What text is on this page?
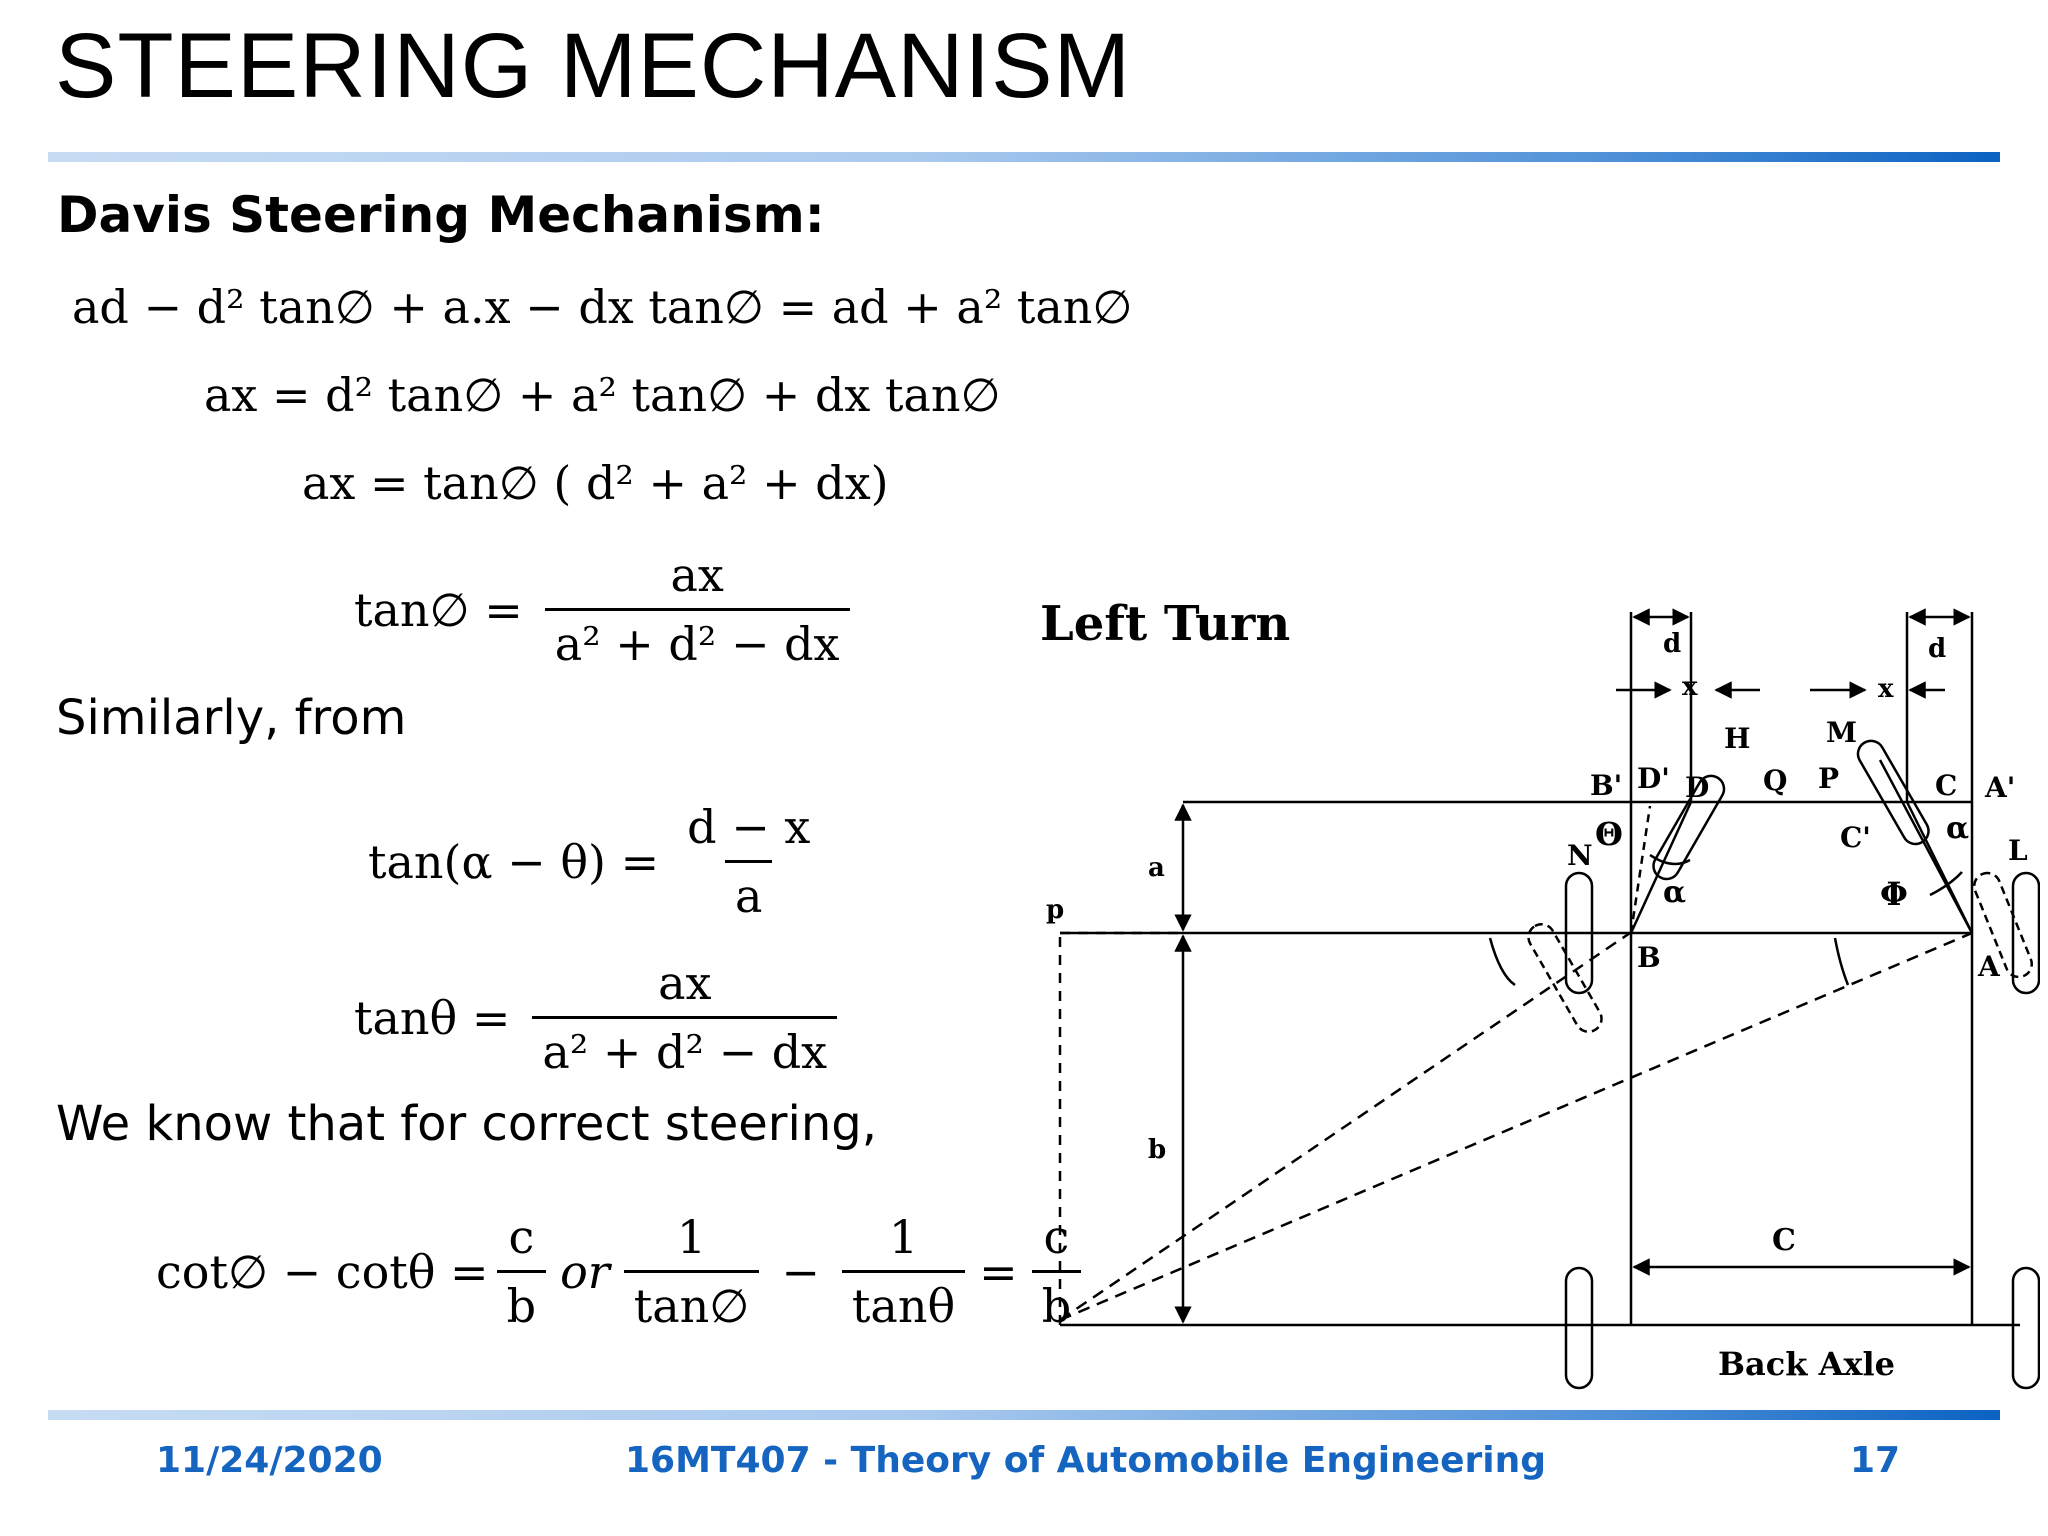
STEERING MECHANISM
Davis Steering Mechanism:
ad − d² tan∅ + a.x − dx tan∅ = ad + a² tan∅
ax = d² tan∅ + a² tan∅ + dx tan∅
ax = tan∅ ( d² + a² + dx)
tan∅ = $\frac{ax}{\text{a² + d² − dx}}$
Similarly, from
$\tan(\alpha - \theta) = \frac{d - x}{a}$
$\tan\theta = \frac{ax}{\text{a² + d² − dx}}$
We know that for correct steering,
cot∅ − $\cot\theta = \frac{c}{b}$ or $\frac{1}{\tan\emptyset} - \frac{1}{\tan\theta} = \frac{c}{b}$
Left Turn	d	d
x	x
H	M
B' D' D Q P	C A'
C'
Θ	α
N	L
α	Φ
a
p
B	A
b
C
Back Axle
11/24/2020	16MT407 - Theory of Automobile Engineering	17
